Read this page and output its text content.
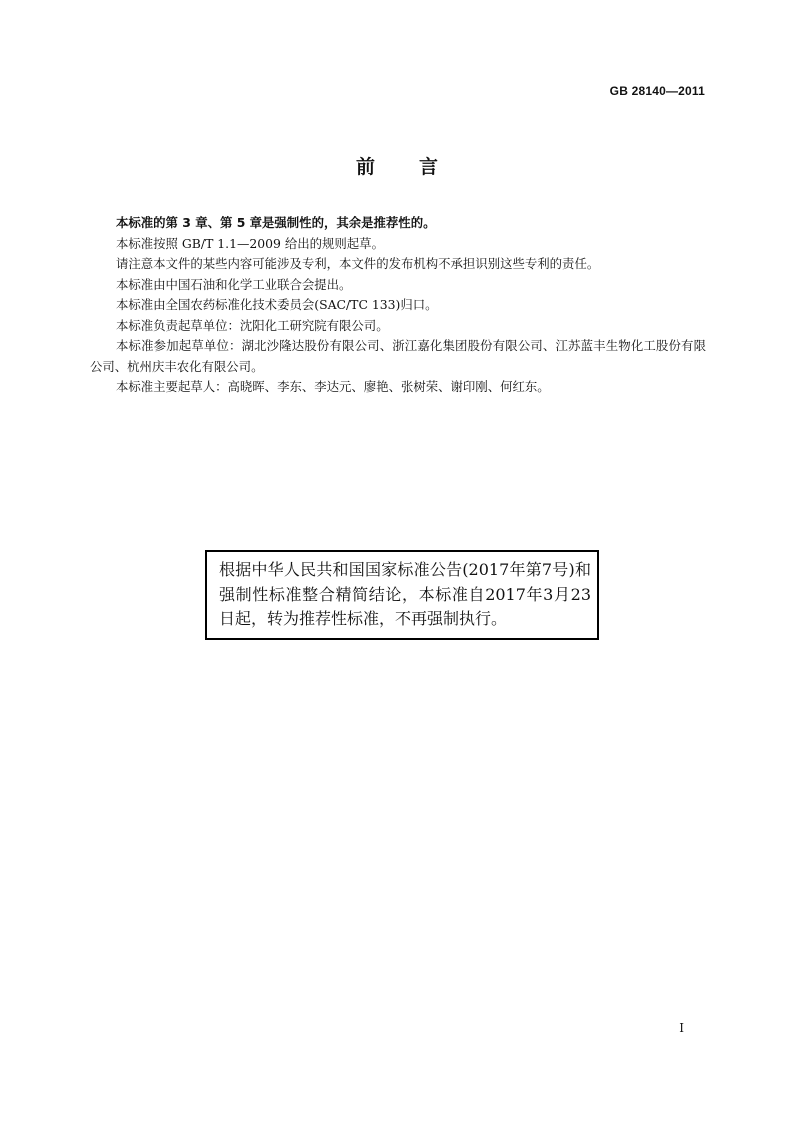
GB 28140—2011
前言

本标准的第 3 章、第 5 章是强制性的，其余是推荐性的。

本标准按照 GB/T 1.1—2009 给出的规则起草。

请注意本文件的某些内容可能涉及专利，本文件的发布机构不承担识别这些专利的责任。

本标准由中国石油和化学工业联合会提出。

本标准由全国农药标准化技术委员会(SAC/TC 133)归口。

本标准负责起草单位：沈阳化工研究院有限公司。

本标准参加起草单位：湖北沙隆达股份有限公司、浙江嘉化集团股份有限公司、江苏蓝丰生物化工股份有限公司、杭州庆丰农化有限公司。

本标准主要起草人：高晓晖、李东、李达元、廖艳、张树荣、谢印刚、何红东。

根据中华人民共和国国家标准公告(2017年第7号)和强制性标准整合精简结论，本标准自2017年3月23日起，转为推荐性标准，不再强制执行。
I
